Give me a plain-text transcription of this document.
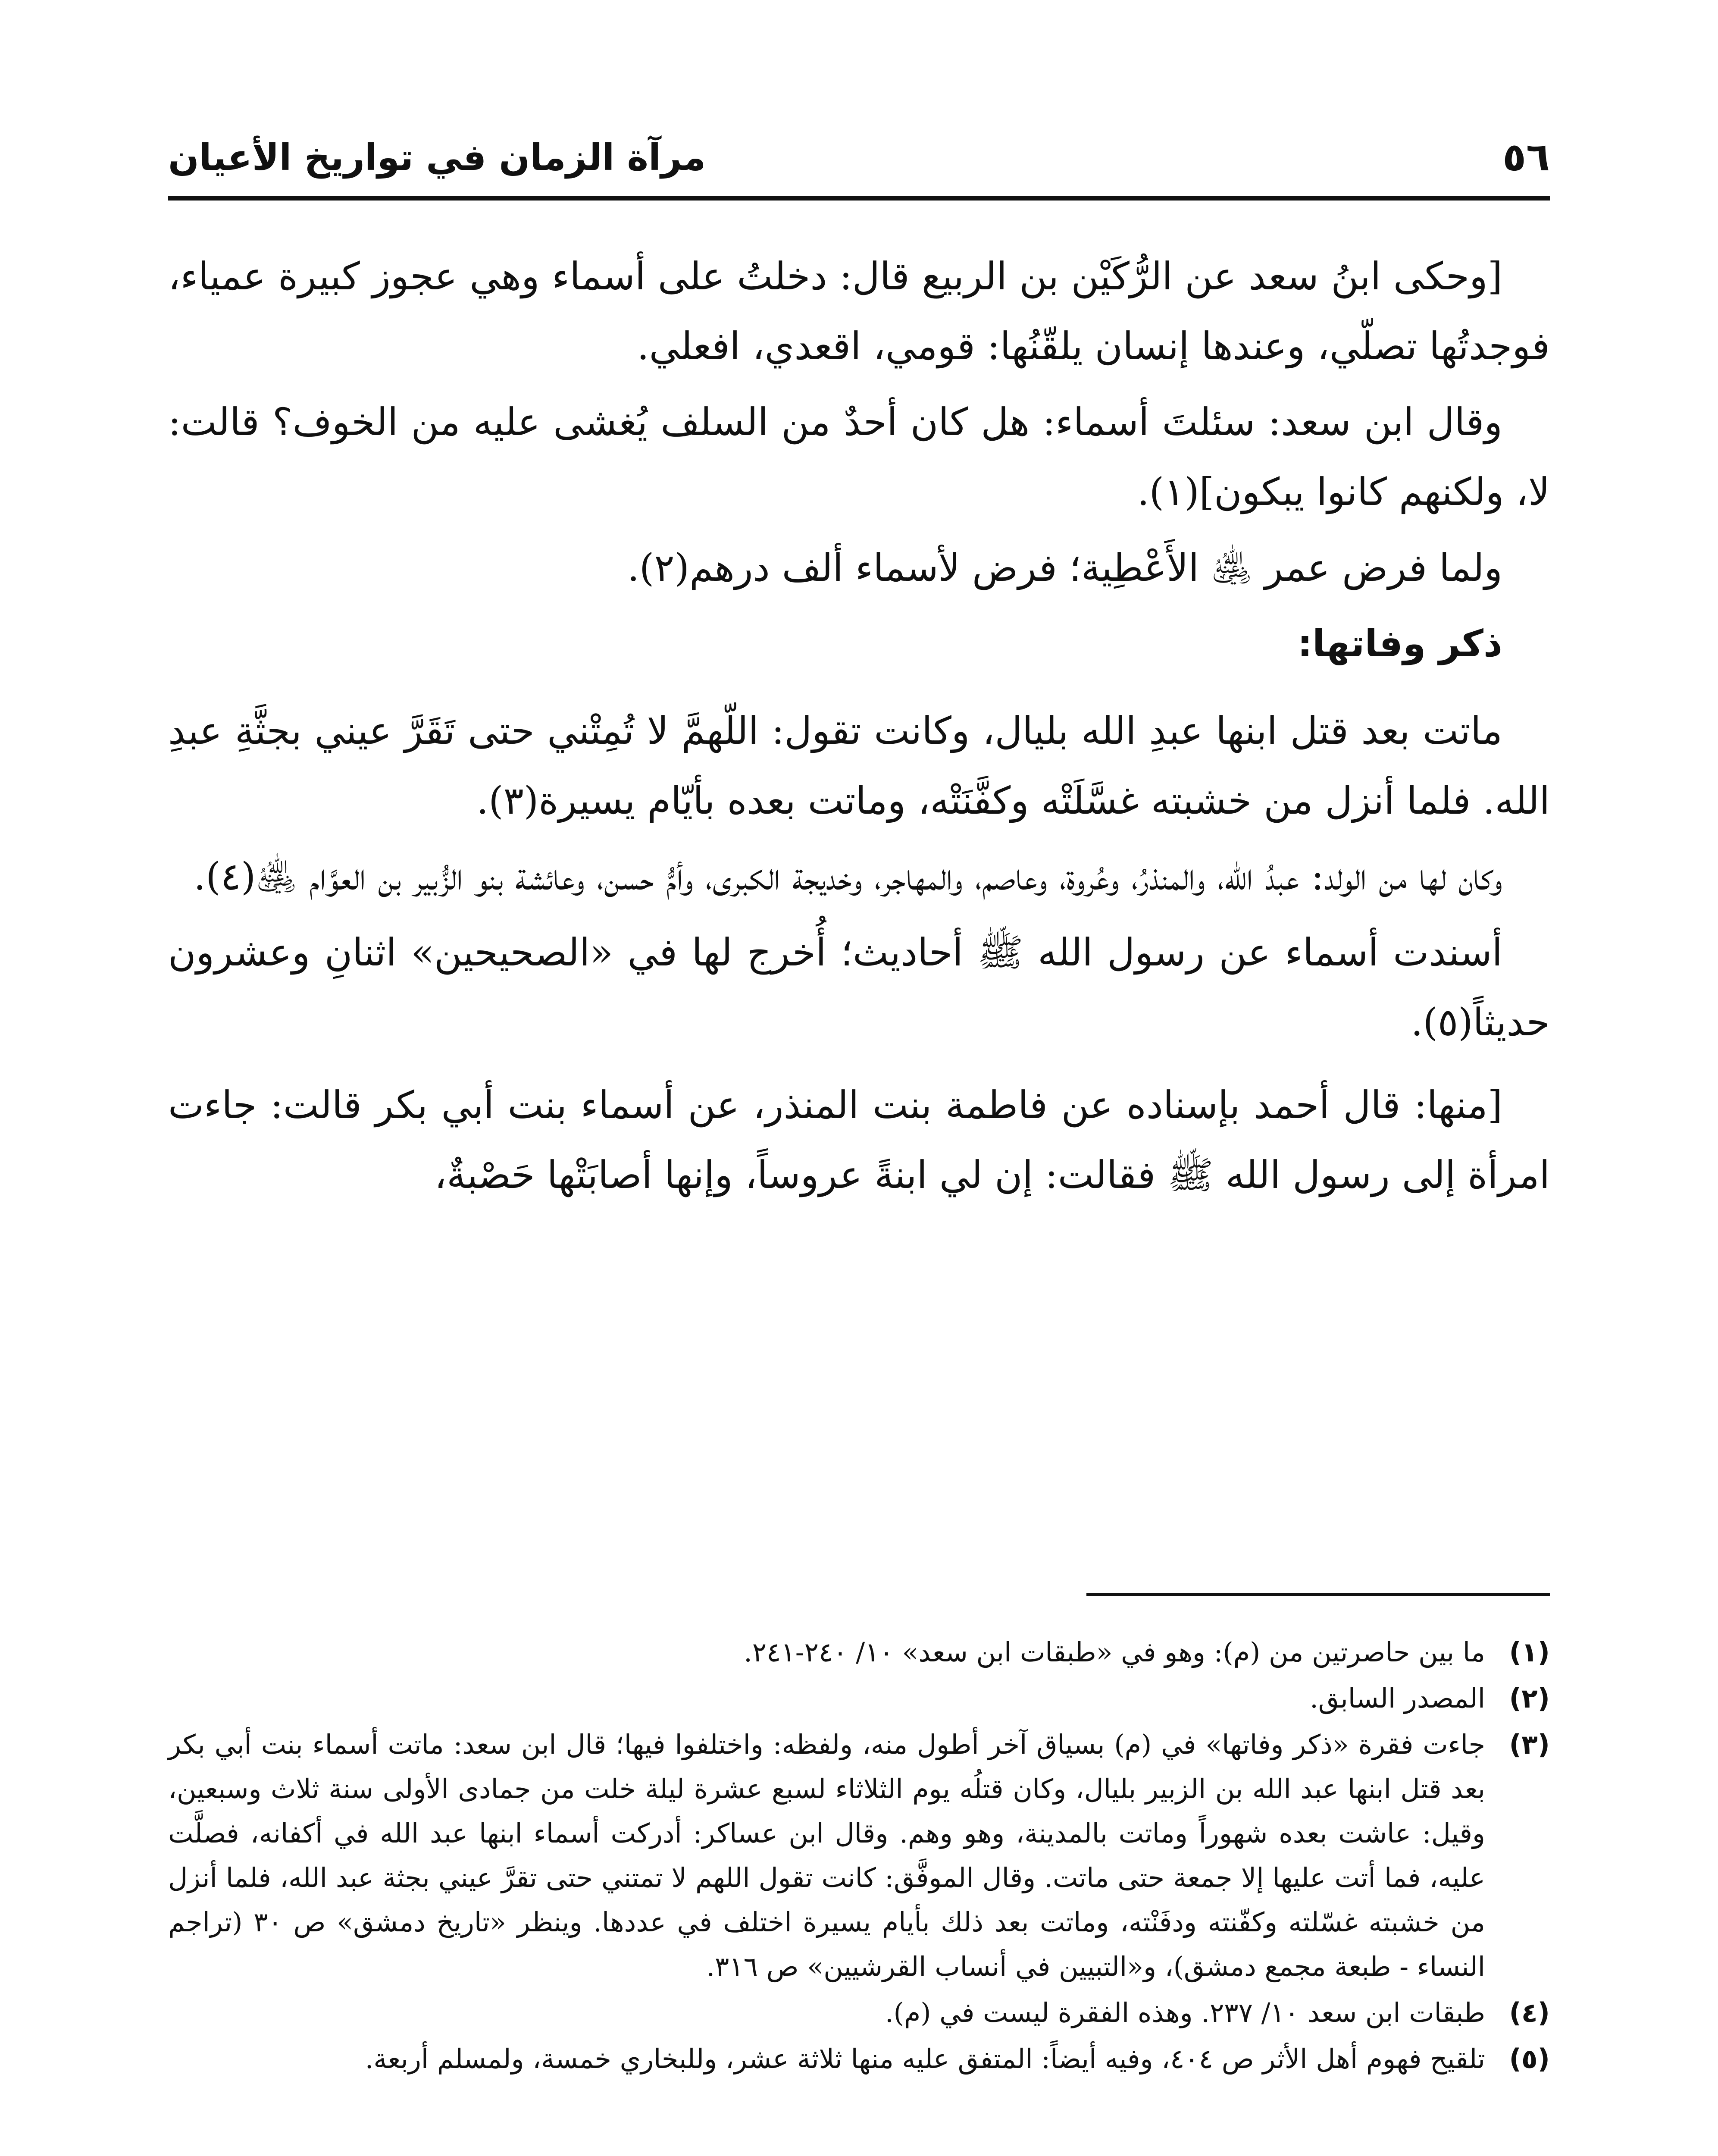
٥٦
مرآة الزمان في تواريخ الأعيان

[وحكى ابنُ سعد عن الرُّكَيْن بن الربيع قال: دخلتُ على أسماء وهي عجوز كبيرة عمياء، فوجدتُها تصلّي، وعندها إنسان يلقّنُها: قومي، اقعدي، افعلي.

وقال ابن سعد: سئلتَ أسماء: هل كان أحدٌ من السلف يُغشى عليه من الخوف؟ قالت: لا، ولكنهم كانوا يبكون](١).

ولما فرض عمر ﵁ الأَعْطِية؛ فرض لأسماء ألف درهم(٢).

ذكر وفاتها:

ماتت بعد قتل ابنها عبدِ الله بليال، وكانت تقول: اللّهمَّ لا تُمِتْني حتى تَقَرَّ عيني بجثَّةِ عبدِ الله. فلما أنزل من خشبته غسَّلَتْه وكفَّنَتْه، وماتت بعده بأيّام يسيرة(٣).

وكان لها من الولد: عبدُ الله، والمنذرُ، وعُروة، وعاصم، والمهاجر، وخديجة الكبرى، وأمُّ حسن، وعائشة بنو الزُّبير بن العوَّام ﵁(٤).

أسندت أسماء عن رسول الله ﷺ أحاديث؛ أُخرج لها في «الصحيحين» اثنانِ وعشرون حديثاً(٥).

[منها: قال أحمد بإسناده عن فاطمة بنت المنذر، عن أسماء بنت أبي بكر قالت: جاءت امرأة إلى رسول الله ﷺ فقالت: إن لي ابنةً عروساً، وإنها أصابَتْها حَصْبةٌ،

(١)ما بين حاصرتين من (م): وهو في «طبقات ابن سعد» ١٠/ ٢٤٠-٢٤١.

(٢)المصدر السابق.

(٣)جاءت فقرة «ذكر وفاتها» في (م) بسياق آخر أطول منه، ولفظه: واختلفوا فيها؛ قال ابن سعد: ماتت أسماء بنت أبي بكر بعد قتل ابنها عبد الله بن الزبير بليال، وكان قتلُه يوم الثلاثاء لسبع عشرة ليلة خلت من جمادى الأولى سنة ثلاث وسبعين، وقيل: عاشت بعده شهوراً وماتت بالمدينة، وهو وهم. وقال ابن عساكر: أدركت أسماء ابنها عبد الله في أكفانه، فصلَّت عليه، فما أتت عليها إلا جمعة حتى ماتت. وقال الموفَّق: كانت تقول اللهم لا تمتني حتى تقرَّ عيني بجثة عبد الله، فلما أنزل من خشبته غسّلته وكفّنته ودفَنْته، وماتت بعد ذلك بأيام يسيرة اختلف في عددها. وينظر «تاريخ دمشق» ص ٣٠ (تراجم النساء - طبعة مجمع دمشق)، و«التبيين في أنساب القرشيين» ص ٣١٦.

(٤)طبقات ابن سعد ١٠/ ٢٣٧. وهذه الفقرة ليست في (م).

(٥)تلقيح فهوم أهل الأثر ص ٤٠٤، وفيه أيضاً: المتفق عليه منها ثلاثة عشر، وللبخاري خمسة، ولمسلم أربعة.
